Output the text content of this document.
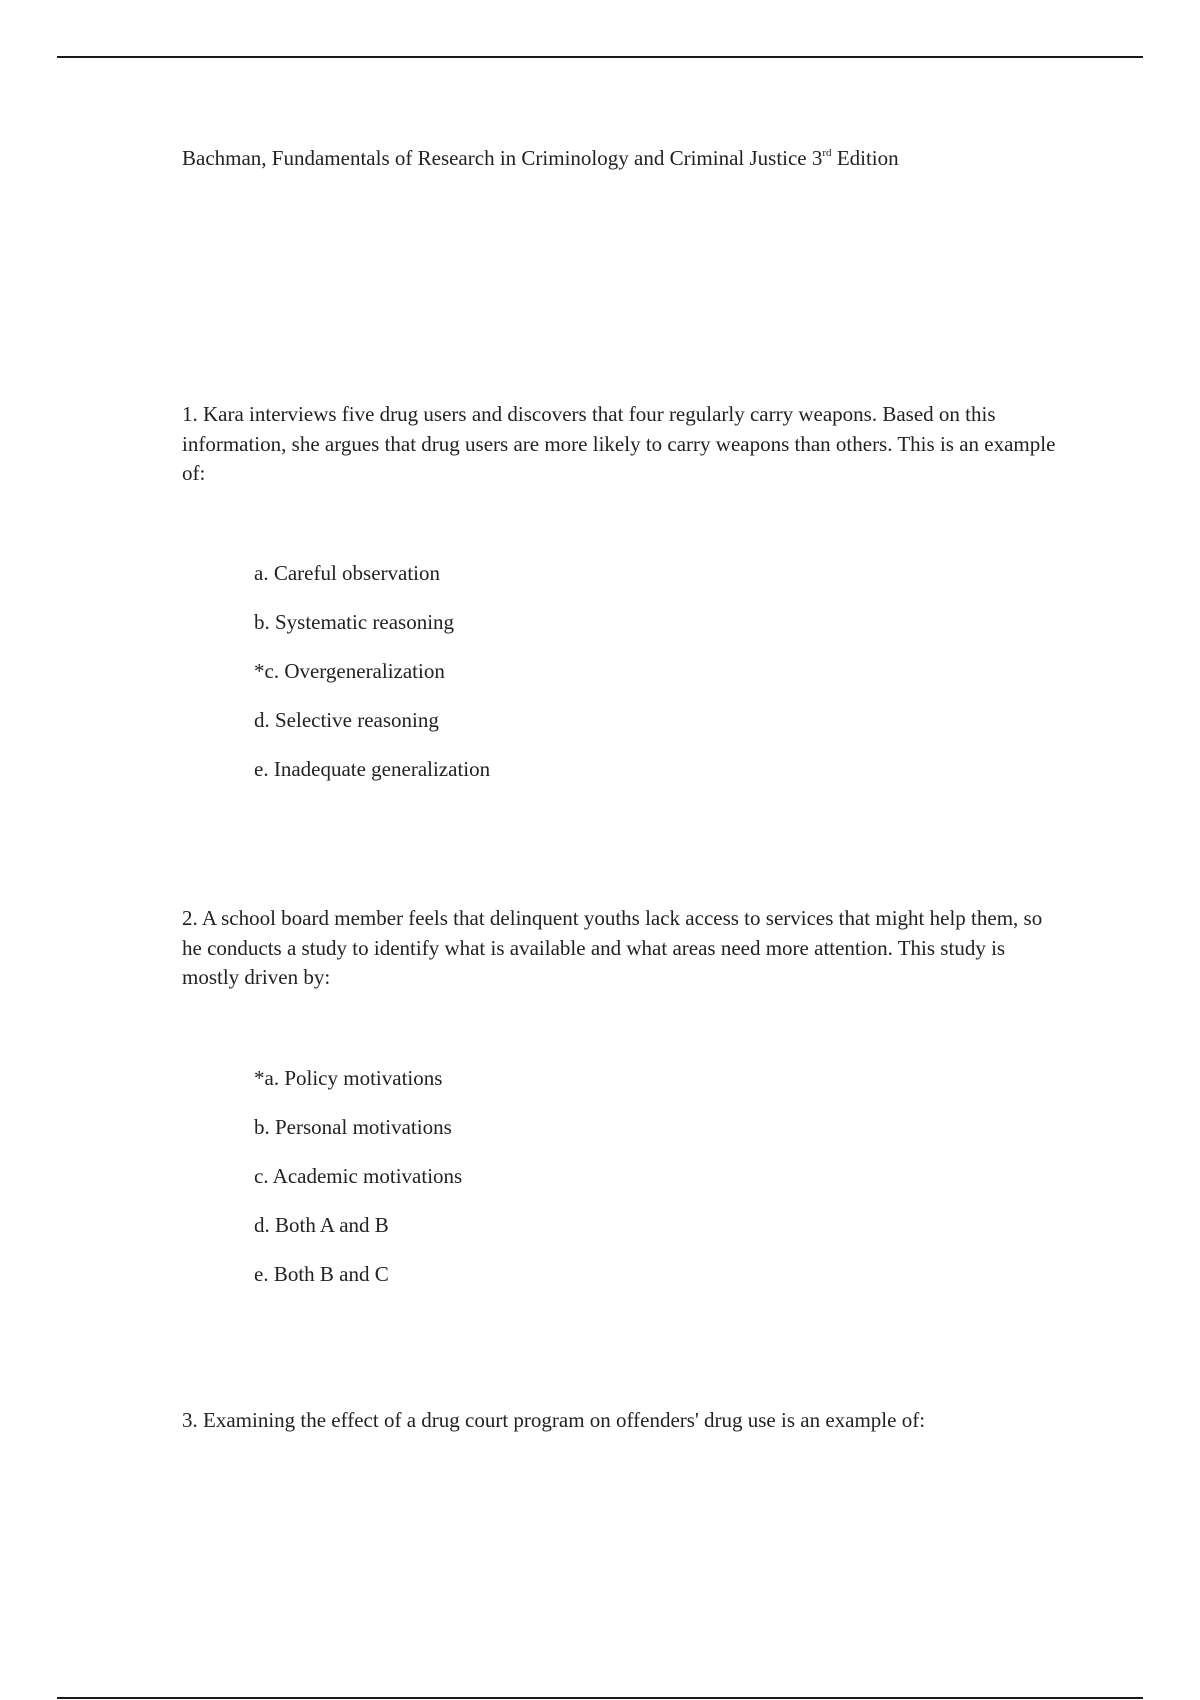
Bachman, Fundamentals of Research in Criminology and Criminal Justice 3rd Edition
1. Kara interviews five drug users and discovers that four regularly carry weapons. Based on this information, she argues that drug users are more likely to carry weapons than others. This is an example of:
a. Careful observation
b. Systematic reasoning
*c. Overgeneralization
d. Selective reasoning
e. Inadequate generalization
2. A school board member feels that delinquent youths lack access to services that might help them, so he conducts a study to identify what is available and what areas need more attention. This study is mostly driven by:
*a. Policy motivations
b. Personal motivations
c. Academic motivations
d. Both A and B
e. Both B and C
3. Examining the effect of a drug court program on offenders' drug use is an example of:
